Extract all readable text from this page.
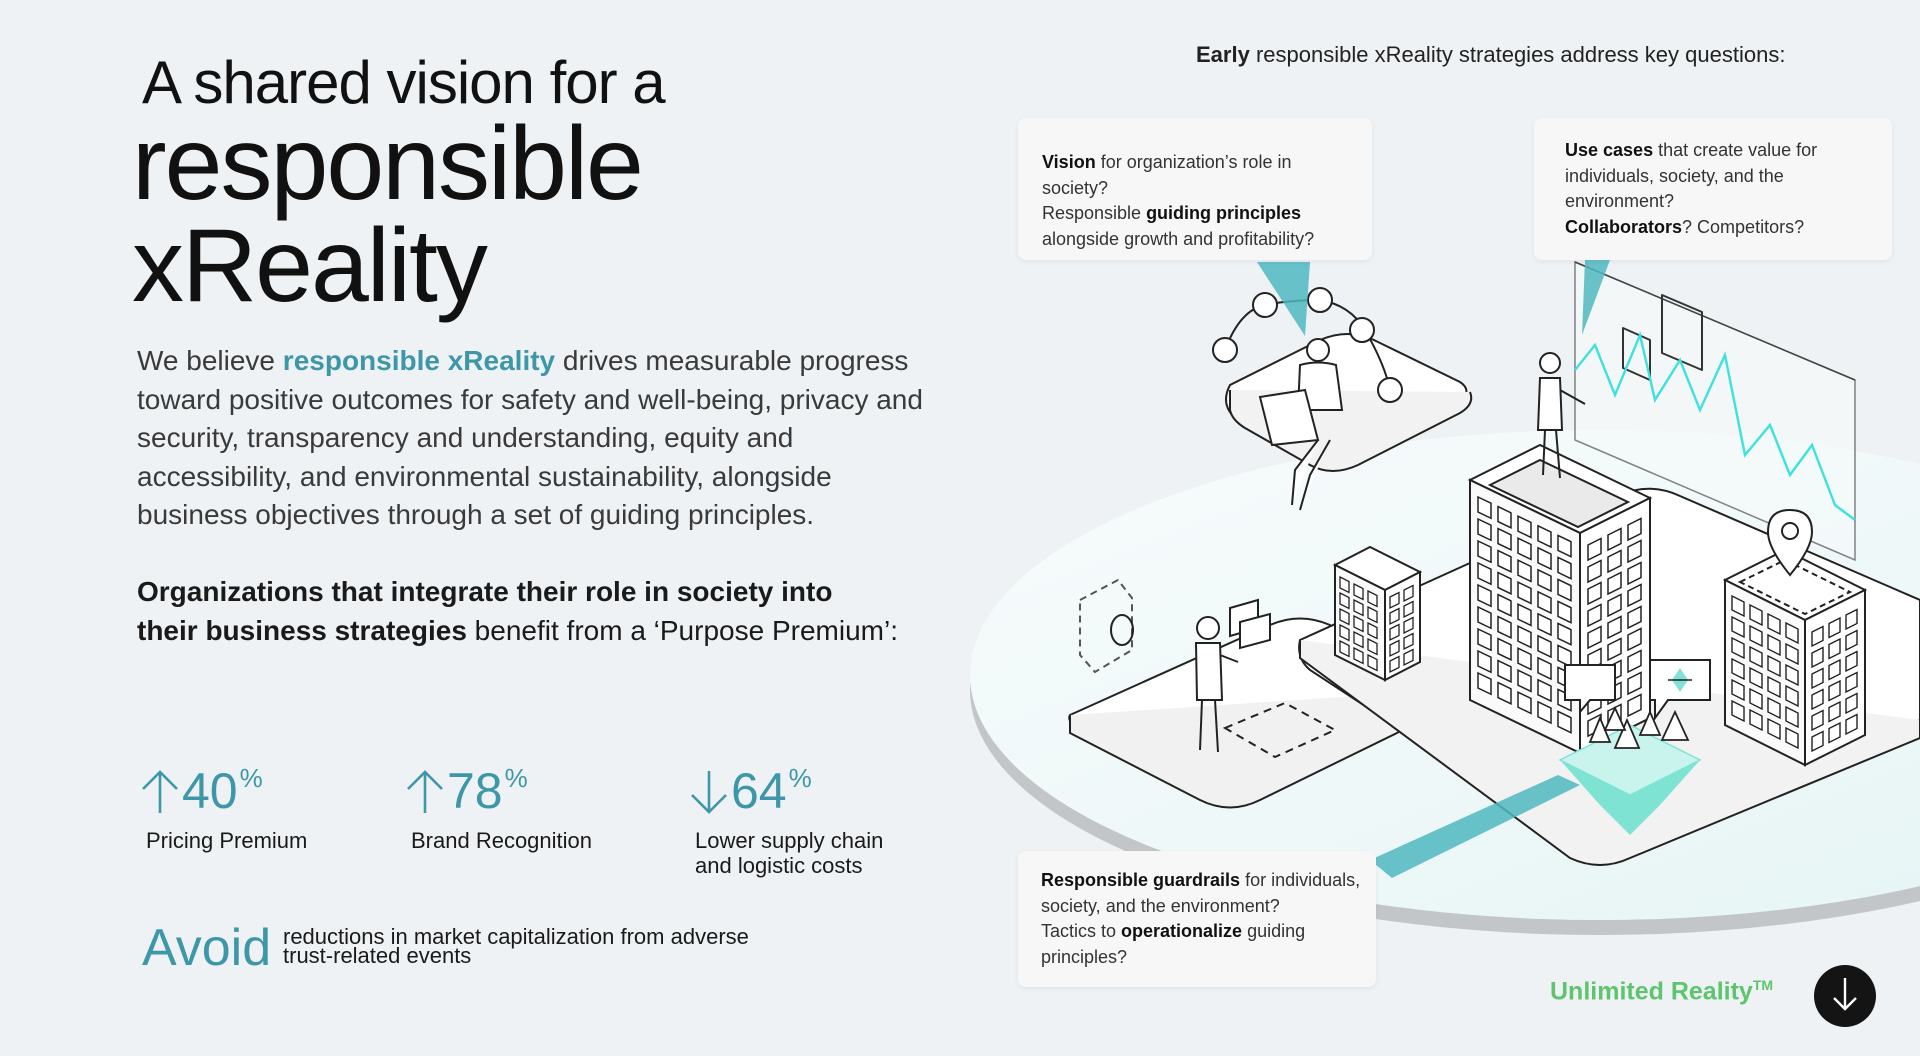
A shared vision for a
responsible
xReality
We believe responsible xReality drives measurable progress toward positive outcomes for safety and well-being, privacy and security, transparency and understanding, equity and accessibility, and environmental sustainability, alongside business objectives through a set of guiding principles.
Organizations that integrate their role in society into
their business strategies benefit from a ‘Purpose Premium’:
40%
Pricing Premium
78%
Brand Recognition
64%
Lower supply chain
and logistic costs
Avoid reductions in market capitalization from adverse
trust-related events
Early responsible xReality strategies address key questions:
Vision for organization’s role in society?
Responsible guiding principles
alongside growth and profitability?
Use cases that create value for
individuals, society, and the
environment?
Collaborators? Competitors?
Responsible guardrails for individuals,
society, and the environment?
Tactics to operationalize guiding
principles?
Unlimited Reality™
